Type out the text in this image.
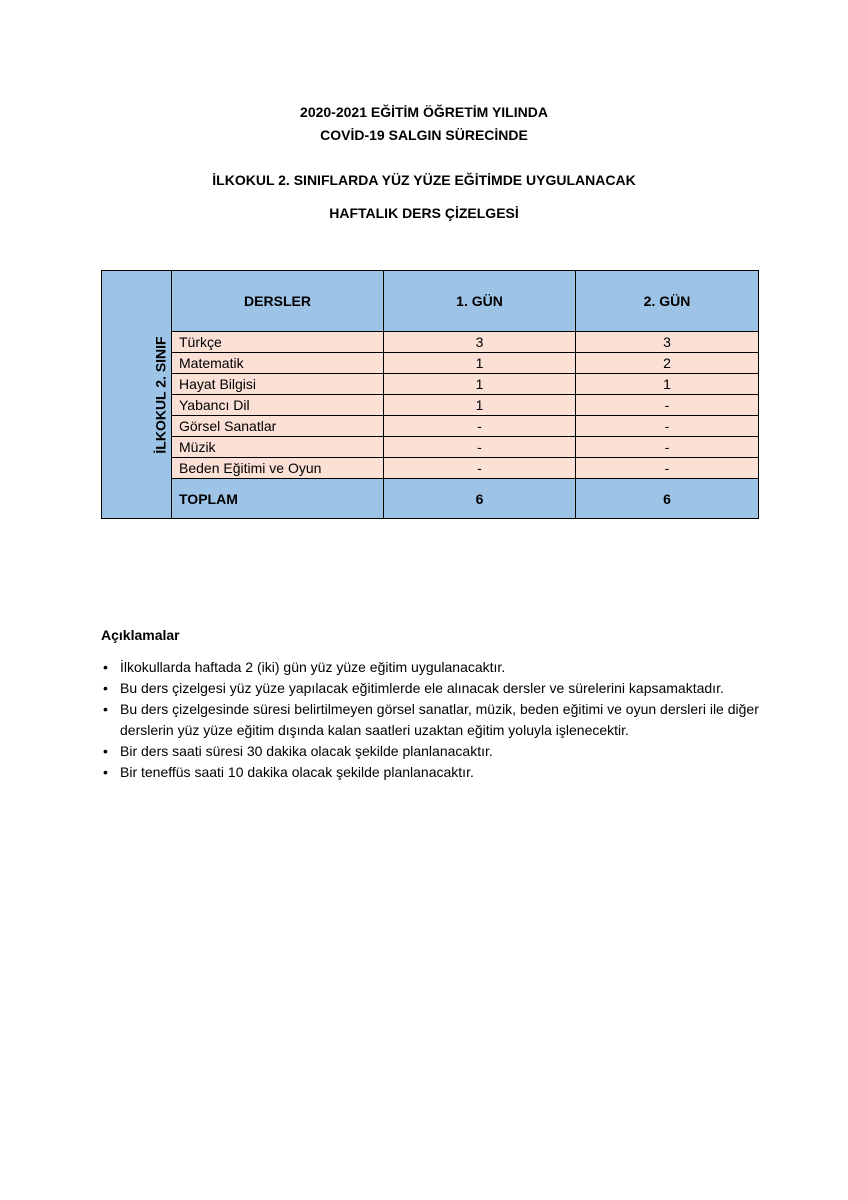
2020-2021 EĞİTİM ÖĞRETİM YILINDA
COVİD-19 SALGIN SÜRECİNDE
İLKOKUL 2. SINIFLARDA YÜZ YÜZE EĞİTİMDE UYGULANACAK
HAFTALIK DERS ÇİZELGESİ
İLKOKUL 2. SINIF	DERSLER	1. GÜN	2. GÜN
	Türkçe	3	3
	Matematik	1	2
	Hayat Bilgisi	1	1
	Yabancı Dil	1	-
	Görsel Sanatlar	-	-
	Müzik	-	-
	Beden Eğitimi ve Oyun	-	-
	TOPLAM	6	6
Açıklamalar
• İlkokullarda haftada 2 (iki) gün yüz yüze eğitim uygulanacaktır.
• Bu ders çizelgesi yüz yüze yapılacak eğitimlerde ele alınacak dersler ve sürelerini kapsamaktadır.
• Bu ders çizelgesinde süresi belirtilmeyen görsel sanatlar, müzik, beden eğitimi ve oyun dersleri ile diğer derslerin yüz yüze eğitim dışında kalan saatleri uzaktan eğitim yoluyla işlenecektir.
• Bir ders saati süresi 30 dakika olacak şekilde planlanacaktır.
• Bir teneffüs saati 10 dakika olacak şekilde planlanacaktır.
